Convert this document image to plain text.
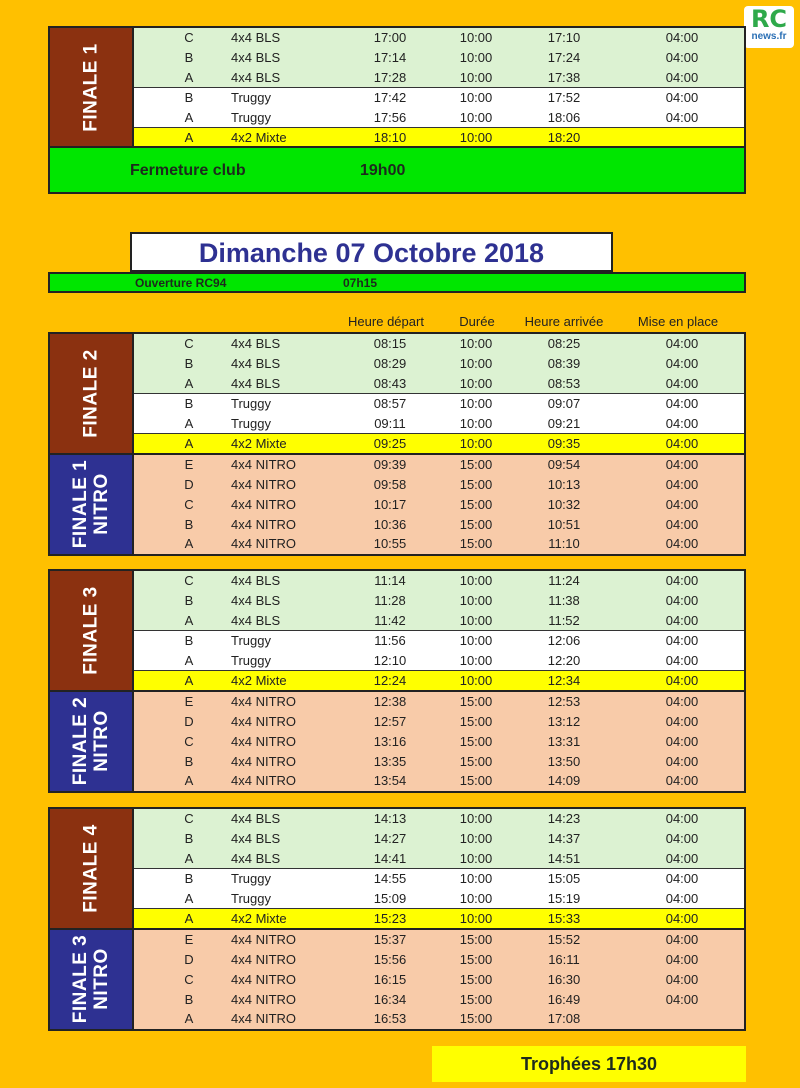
RC
news.fr
FINALE 1
C	4x4 BLS	17:00	10:00	17:10	04:00
B	4x4 BLS	17:14	10:00	17:24	04:00
A	4x4 BLS	17:28	10:00	17:38	04:00
B	Truggy	17:42	10:00	17:52	04:00
A	Truggy	17:56	10:00	18:06	04:00
A	4x2 Mixte	18:10	10:00	18:20
Fermeture club	19h00
Dimanche 07 Octobre 2018
Ouverture RC94	07h15
Heure départ	Durée	Heure arrivée	Mise en place
FINALE 2
C	4x4 BLS	08:15	10:00	08:25	04:00
B	4x4 BLS	08:29	10:00	08:39	04:00
A	4x4 BLS	08:43	10:00	08:53	04:00
B	Truggy	08:57	10:00	09:07	04:00
A	Truggy	09:11	10:00	09:21	04:00
A	4x2 Mixte	09:25	10:00	09:35	04:00
FINALE 1
NITRO
E	4x4 NITRO	09:39	15:00	09:54	04:00
D	4x4 NITRO	09:58	15:00	10:13	04:00
C	4x4 NITRO	10:17	15:00	10:32	04:00
B	4x4 NITRO	10:36	15:00	10:51	04:00
A	4x4 NITRO	10:55	15:00	11:10	04:00
FINALE 3
C	4x4 BLS	11:14	10:00	11:24	04:00
B	4x4 BLS	11:28	10:00	11:38	04:00
A	4x4 BLS	11:42	10:00	11:52	04:00
B	Truggy	11:56	10:00	12:06	04:00
A	Truggy	12:10	10:00	12:20	04:00
A	4x2 Mixte	12:24	10:00	12:34	04:00
FINALE 2
NITRO
E	4x4 NITRO	12:38	15:00	12:53	04:00
D	4x4 NITRO	12:57	15:00	13:12	04:00
C	4x4 NITRO	13:16	15:00	13:31	04:00
B	4x4 NITRO	13:35	15:00	13:50	04:00
A	4x4 NITRO	13:54	15:00	14:09	04:00
FINALE 4
C	4x4 BLS	14:13	10:00	14:23	04:00
B	4x4 BLS	14:27	10:00	14:37	04:00
A	4x4 BLS	14:41	10:00	14:51	04:00
B	Truggy	14:55	10:00	15:05	04:00
A	Truggy	15:09	10:00	15:19	04:00
A	4x2 Mixte	15:23	10:00	15:33	04:00
FINALE 3
NITRO
E	4x4 NITRO	15:37	15:00	15:52	04:00
D	4x4 NITRO	15:56	15:00	16:11	04:00
C	4x4 NITRO	16:15	15:00	16:30	04:00
B	4x4 NITRO	16:34	15:00	16:49	04:00
A	4x4 NITRO	16:53	15:00	17:08
Trophées 17h30
